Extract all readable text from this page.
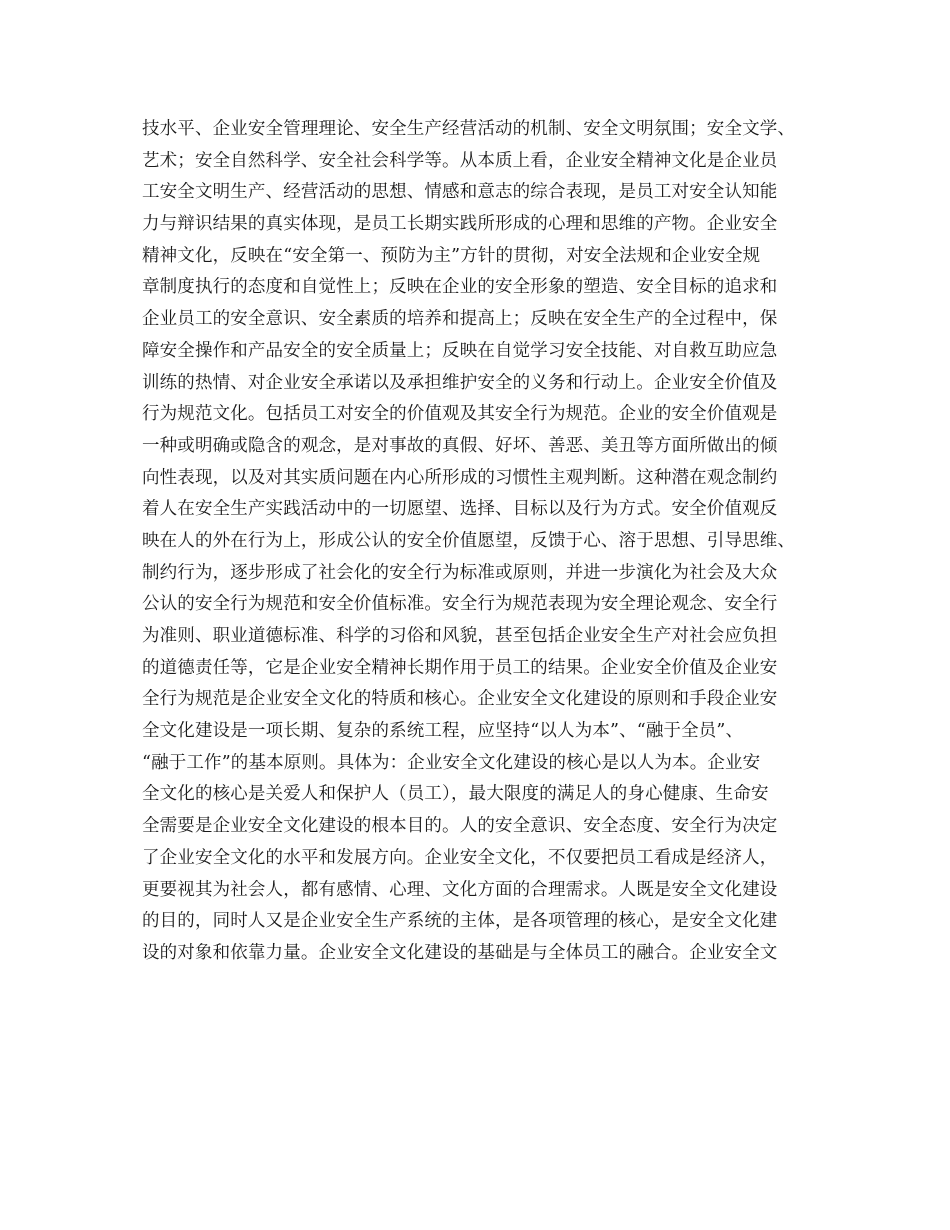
技水平、企业安全管理理论、安全生产经营活动的机制、安全文明氛围；安全文学、
艺术；安全自然科学、安全社会科学等。从本质上看，企业安全精神文化是企业员
工安全文明生产、经营活动的思想、情感和意志的综合表现，是员工对安全认知能
力与辩识结果的真实体现，是员工长期实践所形成的心理和思维的产物。企业安全
精神文化，反映在“安全第一、预防为主”方针的贯彻，对安全法规和企业安全规
章制度执行的态度和自觉性上；反映在企业的安全形象的塑造、安全目标的追求和
企业员工的安全意识、安全素质的培养和提高上；反映在安全生产的全过程中，保
障安全操作和产品安全的安全质量上；反映在自觉学习安全技能、对自救互助应急
训练的热情、对企业安全承诺以及承担维护安全的义务和行动上。企业安全价值及
行为规范文化。包括员工对安全的价值观及其安全行为规范。企业的安全价值观是
一种或明确或隐含的观念，是对事故的真假、好坏、善恶、美丑等方面所做出的倾
向性表现，以及对其实质问题在内心所形成的习惯性主观判断。这种潜在观念制约
着人在安全生产实践活动中的一切愿望、选择、目标以及行为方式。安全价值观反
映在人的外在行为上，形成公认的安全价值愿望，反馈于心、溶于思想、引导思维、
制约行为，逐步形成了社会化的安全行为标准或原则，并进一步演化为社会及大众
公认的安全行为规范和安全价值标准。安全行为规范表现为安全理论观念、安全行
为准则、职业道德标准、科学的习俗和风貌，甚至包括企业安全生产对社会应负担
的道德责任等，它是企业安全精神长期作用于员工的结果。企业安全价值及企业安
全行为规范是企业安全文化的特质和核心。企业安全文化建设的原则和手段企业安
全文化建设是一项长期、复杂的系统工程，应坚持“以人为本”、“融于全员”、
“融于工作”的基本原则。具体为：企业安全文化建设的核心是以人为本。企业安
全文化的核心是关爱人和保护人（员工），最大限度的满足人的身心健康、生命安
全需要是企业安全文化建设的根本目的。人的安全意识、安全态度、安全行为决定
了企业安全文化的水平和发展方向。企业安全文化，不仅要把员工看成是经济人，
更要视其为社会人，都有感情、心理、文化方面的合理需求。人既是安全文化建设
的目的，同时人又是企业安全生产系统的主体，是各项管理的核心，是安全文化建
设的对象和依靠力量。企业安全文化建设的基础是与全体员工的融合。企业安全文
